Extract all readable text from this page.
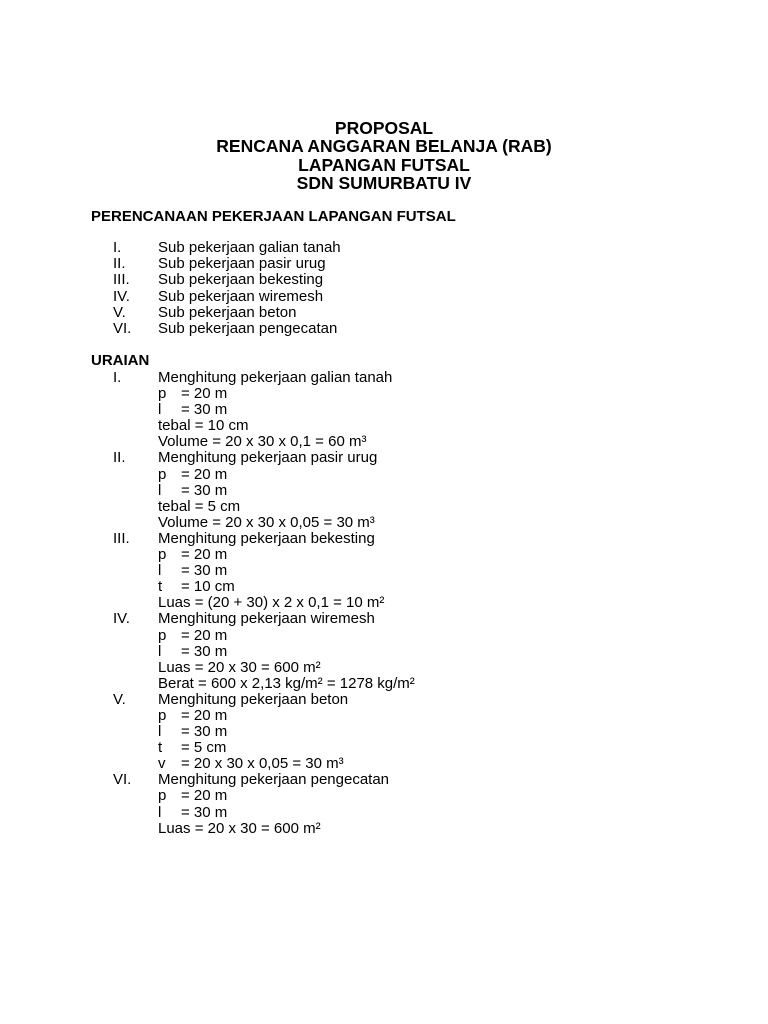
PROPOSAL
RENCANA ANGGARAN BELANJA (RAB)
LAPANGAN FUTSAL
SDN SUMURBATU IV
PERENCANAAN PEKERJAAN LAPANGAN FUTSAL
I. Sub pekerjaan galian tanah
II. Sub pekerjaan pasir urug
III. Sub pekerjaan bekesting
IV. Sub pekerjaan wiremesh
V. Sub pekerjaan beton
VI. Sub pekerjaan pengecatan
URAIAN
I. Menghitung pekerjaan galian tanah
p = 20 m
l = 30 m
tebal = 10 cm
Volume = 20 x 30 x 0,1 = 60 m³
II. Menghitung pekerjaan pasir urug
p = 20 m
l = 30 m
tebal = 5 cm
Volume = 20 x 30 x 0,05 = 30 m³
III. Menghitung pekerjaan bekesting
p = 20 m
l = 30 m
t = 10 cm
Luas = (20 + 30) x 2 x 0,1 = 10 m²
IV. Menghitung pekerjaan wiremesh
p = 20 m
l = 30 m
Luas = 20 x 30 = 600 m²
Berat = 600 x 2,13 kg/m² = 1278 kg/m²
V. Menghitung pekerjaan beton
p = 20 m
l = 30 m
t = 5 cm
v = 20 x 30 x 0,05 = 30 m³
VI. Menghitung pekerjaan pengecatan
p = 20 m
l = 30 m
Luas = 20 x 30 = 600 m²
